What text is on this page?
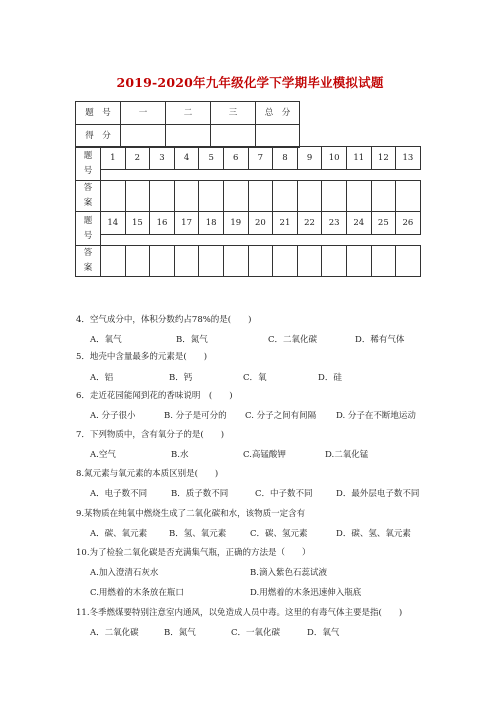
2019-2020年九年级化学下学期毕业模拟试题
题　号	一	二	三	总　分
得　分				
题
号	1	2	3	4	5	6	7	8	9	10	11	12	13

答
案													
题
号	14	15	16	17	18	19	20	21	22	23	24	25	26

答
案													
4．空气成分中，体积分数约占78%的是(　　)
A．氧气	B．氮气	C．二氧化碳	D．稀有气体
5．地壳中含量最多的元素是(　　)
A．铝	B．钙	C．氧	D．硅
6．走近花园能闻到花的香味说明　(　　)
A. 分子很小	B. 分子是可分的 C. 分子之间有间隔 D. 分子在不断地运动
7．下列物质中，含有氧分子的是(　　)
A.空气	B.水	C.高锰酸钾	D.二氧化锰
8.氮元素与氧元素的本质区别是(　　)
A．电子数不同	B．质子数不同	C．中子数不同	D．最外层电子数不同
9.某物质在纯氧中燃烧生成了二氧化碳和水，该物质一定含有
A．碳、氧元素	B．氢、氧元素	C．碳、氢元素	D．碳、氢、氧元素
10.为了检验二氧化碳是否充满集气瓶，正确的方法是（　　）
A.加入澄清石灰水	B.滴入紫色石蕊试液
C.用燃着的木条放在瓶口	D.用燃着的木条迅速伸入瓶底
11.冬季燃煤要特别注意室内通风，以免造成人员中毒。这里的有毒气体主要是指(　　)
A．二氧化碳	B．氮气	C．一氧化碳	D．氧气
